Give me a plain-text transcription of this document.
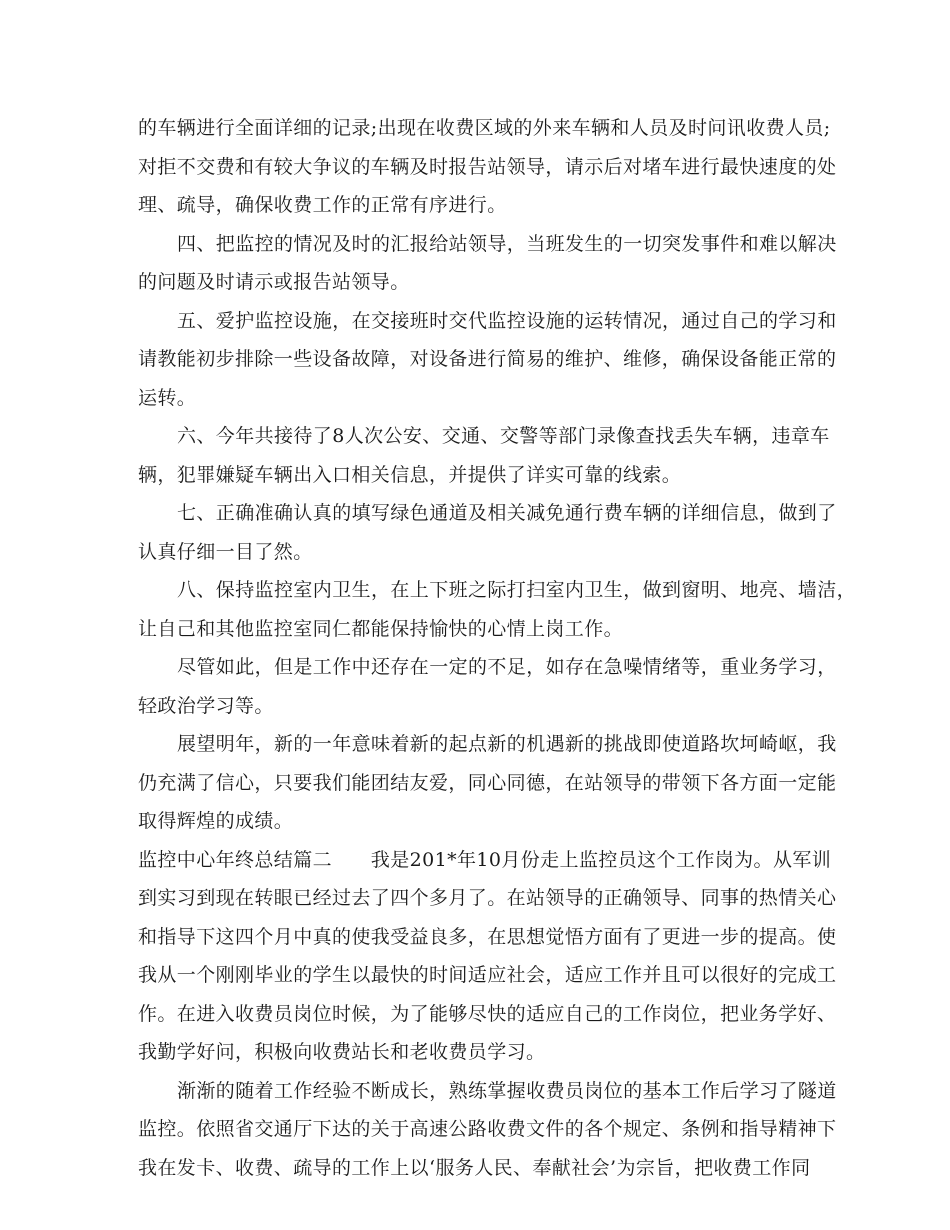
的车辆进行全面详细的记录;出现在收费区域的外来车辆和人员及时问讯收费人员;
对拒不交费和有较大争议的车辆及时报告站领导，请示后对堵车进行最快速度的处
理、疏导，确保收费工作的正常有序进行。
四、把监控的情况及时的汇报给站领导，当班发生的一切突发事件和难以解决
的问题及时请示或报告站领导。
五、爱护监控设施，在交接班时交代监控设施的运转情况，通过自己的学习和
请教能初步排除一些设备故障，对设备进行简易的维护、维修，确保设备能正常的
运转。
六、今年共接待了8人次公安、交通、交警等部门录像查找丢失车辆，违章车
辆，犯罪嫌疑车辆出入口相关信息，并提供了详实可靠的线索。
七、正确准确认真的填写绿色通道及相关减免通行费车辆的详细信息，做到了
认真仔细一目了然。
八、保持监控室内卫生，在上下班之际打扫室内卫生，做到窗明、地亮、墙洁，
让自己和其他监控室同仁都能保持愉快的心情上岗工作。
尽管如此，但是工作中还存在一定的不足，如存在急噪情绪等，重业务学习，
轻政治学习等。
展望明年，新的一年意味着新的起点新的机遇新的挑战即使道路坎坷崎岖，我
仍充满了信心，只要我们能团结友爱，同心同德，在站领导的带领下各方面一定能
取得辉煌的成绩。
监控中心年终总结篇二　　我是201*年10月份走上监控员这个工作岗为。从军训
到实习到现在转眼已经过去了四个多月了。在站领导的正确领导、同事的热情关心
和指导下这四个月中真的使我受益良多，在思想觉悟方面有了更进一步的提高。使
我从一个刚刚毕业的学生以最快的时间适应社会，适应工作并且可以很好的完成工
作。在进入收费员岗位时候，为了能够尽快的适应自己的工作岗位，把业务学好、
我勤学好问，积极向收费站长和老收费员学习。
渐渐的随着工作经验不断成长，熟练掌握收费员岗位的基本工作后学习了隧道
监控。依照省交通厅下达的关于高速公路收费文件的各个规定、条例和指导精神下
我在发卡、收费、疏导的工作上以‘服务人民、奉献社会’为宗旨，把收费工作同
